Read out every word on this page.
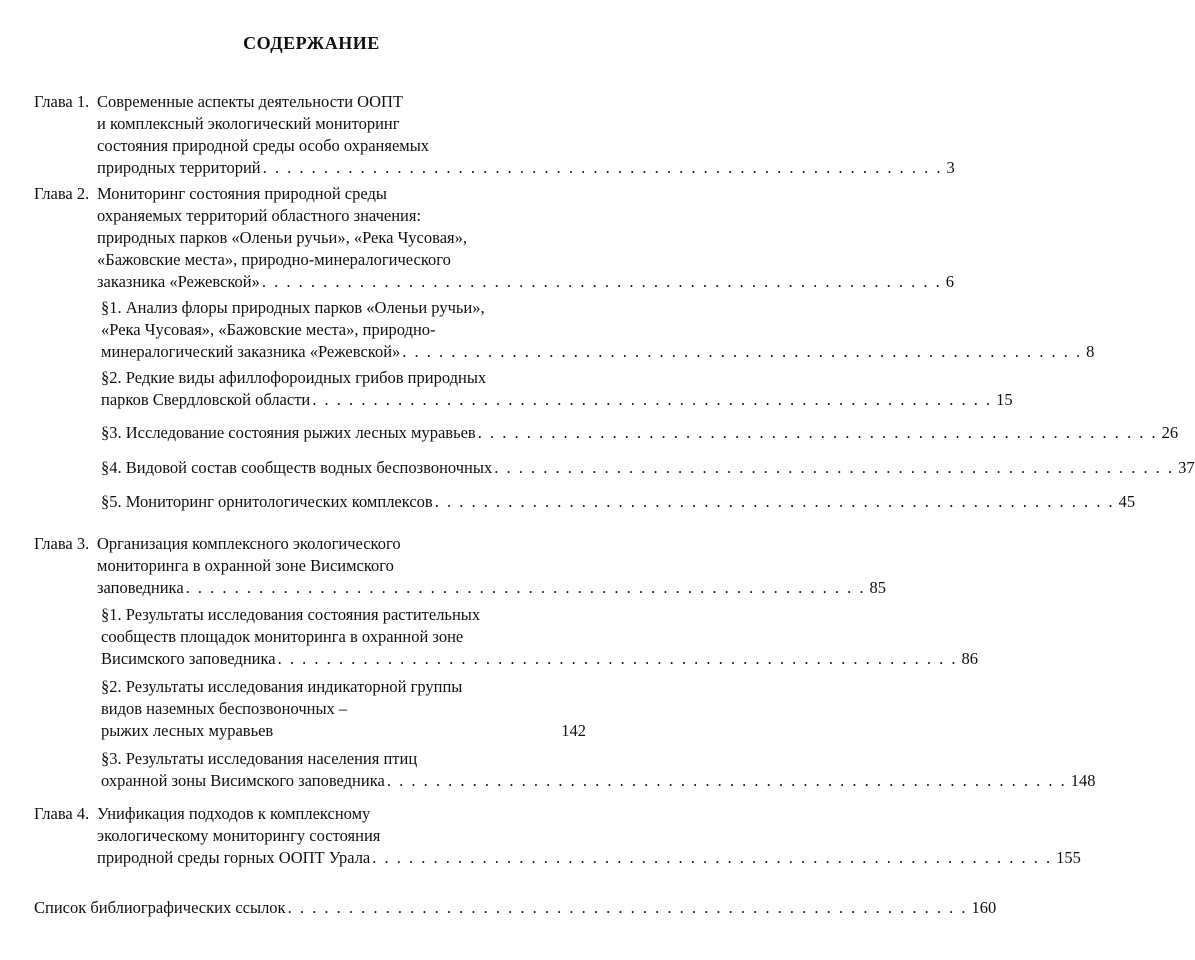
СОДЕРЖАНИЕ
Глава 1. Современные аспекты деятельности ООПТ
и комплексный экологический мониторинг
состояния природной среды особо охраняемых
природных территорий . . . . . . . . . . . . . . . . . . . . . . . . . . . . . . . . . . . . . . . . . . . . . . . . . . . . . . . . 3
Глава 2. Мониторинг состояния природной среды
охраняемых территорий областного значения:
природных парков «Оленьи ручьи», «Река Чусовая»,
«Бажовские места», природно-минералогического
заказника «Режевской» . . . . . . . . . . . . . . . . . . . . . . . . . . . . . . . . . . . . . . . . . . . . . . . . . . . . . . . . 6
§1. Анализ флоры природных парков «Оленьи ручьи»,
«Река Чусовая», «Бажовские места», природно-
минералогический заказника «Режевской» . . . . . . . . . . . . . . . . . . . . . . . . . . . . . . . . . . . . . . . . . . . . . . . . . . . . . . . . 8
§2. Редкие виды афиллофороидных грибов природных
парков Свердловской области . . . . . . . . . . . . . . . . . . . . . . . . . . . . . . . . . . . . . . . . . . . . . . . . . . . . . . . . 15
§3. Исследование состояния рыжих лесных муравьев . . . . . . . . . . . . . . . . . . . . . . . . . . . . . . . . . . . . . . . . . . . . . . . . . . . . . . . . 26
§4. Видовой состав сообществ водных беспозвоночных . . . . . . . . . . . . . . . . . . . . . . . . . . . . . . . . . . . . . . . . . . . . . . . . . . . . . . . . 37
§5. Мониторинг орнитологических комплексов . . . . . . . . . . . . . . . . . . . . . . . . . . . . . . . . . . . . . . . . . . . . . . . . . . . . . . . . 45
Глава 3. Организация комплексного экологического
мониторинга в охранной зоне Висимского
заповедника . . . . . . . . . . . . . . . . . . . . . . . . . . . . . . . . . . . . . . . . . . . . . . . . . . . . . . . . 85
§1. Результаты исследования состояния растительных
сообществ площадок мониторинга в охранной зоне
Висимского заповедника . . . . . . . . . . . . . . . . . . . . . . . . . . . . . . . . . . . . . . . . . . . . . . . . . . . . . . . . 86
§2. Результаты исследования индикаторной группы
видов наземных беспозвоночных –
рыжих лесных муравьев	142
§3. Результаты исследования населения птиц
охранной зоны Висимского заповедника . . . . . . . . . . . . . . . . . . . . . . . . . . . . . . . . . . . . . . . . . . . . . . . . . . . . . . . . 148
Глава 4. Унификация подходов к комплексному
экологическому мониторингу состояния
природной среды горных ООПТ Урала . . . . . . . . . . . . . . . . . . . . . . . . . . . . . . . . . . . . . . . . . . . . . . . . . . . . . . . . 155
Список библиографических ссылок . . . . . . . . . . . . . . . . . . . . . . . . . . . . . . . . . . . . . . . . . . . . . . . . . . . . . . . . 160
